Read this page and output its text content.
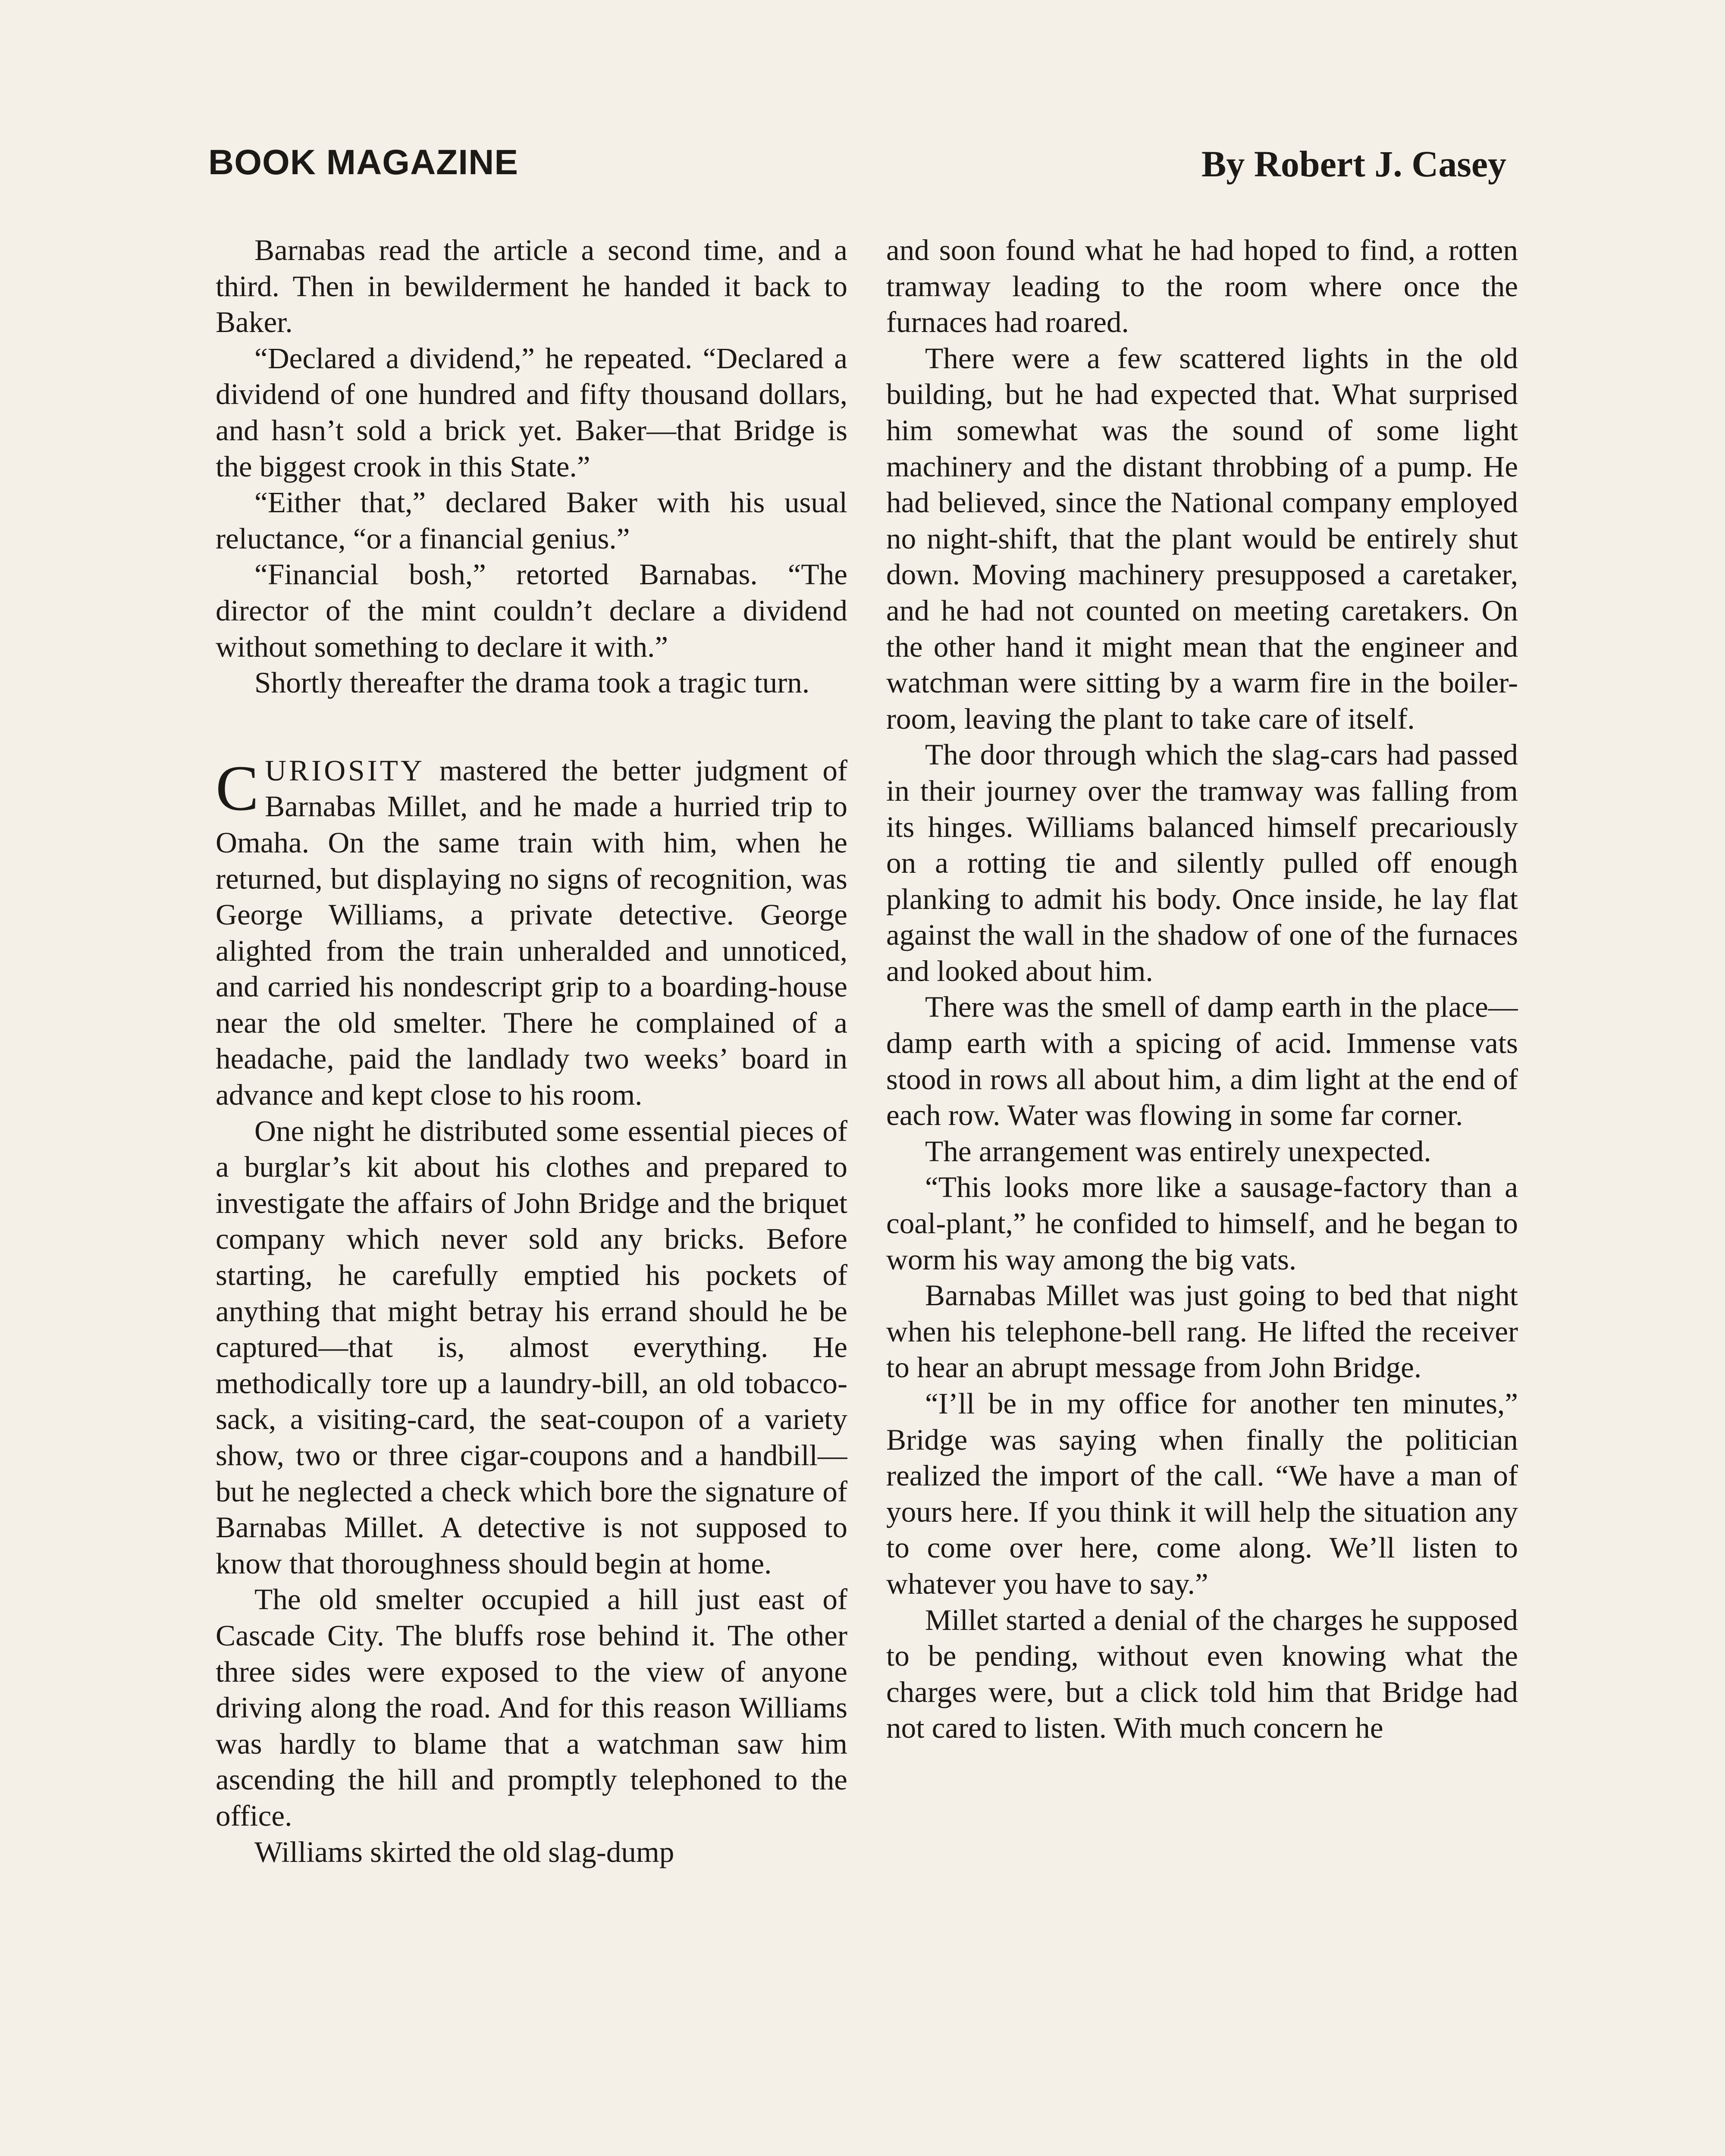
BOOK MAGAZINE	By Robert J. Casey

Barnabas read the article a second time, and a third. Then in bewilderment he handed it back to Baker.

“Declared a dividend,” he repeated. “Declared a dividend of one hundred and fifty thousand dollars, and hasn’t sold a brick yet. Baker—that Bridge is the biggest crook in this State.”

“Either that,” declared Baker with his usual reluctance, “or a financial genius.”

“Financial bosh,” retorted Barnabas. “The director of the mint couldn’t declare a dividend without something to declare it with.”

Shortly thereafter the drama took a tragic turn.

CURIOSITY mastered the better judgment of Barnabas Millet, and he made a hurried trip to Omaha. On the same train with him, when he returned, but displaying no signs of recognition, was George Williams, a private detective. George alighted from the train unheralded and unnoticed, and carried his nondescript grip to a boarding-house near the old smelter. There he complained of a headache, paid the landlady two weeks’ board in advance and kept close to his room.

One night he distributed some essential pieces of a burglar’s kit about his clothes and prepared to investigate the affairs of John Bridge and the briquet company which never sold any bricks. Before starting, he carefully emptied his pockets of anything that might betray his errand should he be captured—that is, almost everything. He methodically tore up a laundry-bill, an old tobacco-sack, a visiting-card, the seat-coupon of a variety show, two or three cigar-coupons and a handbill—but he neglected a check which bore the signature of Barnabas Millet. A detective is not supposed to know that thoroughness should begin at home.

The old smelter occupied a hill just east of Cascade City. The bluffs rose behind it. The other three sides were exposed to the view of anyone driving along the road. And for this reason Williams was hardly to blame that a watchman saw him ascending the hill and promptly telephoned to the office.

Williams skirted the old slag-dump

and soon found what he had hoped to find, a rotten tramway leading to the room where once the furnaces had roared.

There were a few scattered lights in the old building, but he had expected that. What surprised him somewhat was the sound of some light machinery and the distant throbbing of a pump. He had believed, since the National company employed no night-shift, that the plant would be entirely shut down. Moving machinery presupposed a caretaker, and he had not counted on meeting caretakers. On the other hand it might mean that the engineer and watchman were sitting by a warm fire in the boiler-room, leaving the plant to take care of itself.

The door through which the slag-cars had passed in their journey over the tramway was falling from its hinges. Williams balanced himself precariously on a rotting tie and silently pulled off enough planking to admit his body. Once inside, he lay flat against the wall in the shadow of one of the furnaces and looked about him.

There was the smell of damp earth in the place—damp earth with a spicing of acid. Immense vats stood in rows all about him, a dim light at the end of each row. Water was flowing in some far corner.

The arrangement was entirely unexpected.

“This looks more like a sausage-factory than a coal-plant,” he confided to himself, and he began to worm his way among the big vats.

Barnabas Millet was just going to bed that night when his telephone-bell rang. He lifted the receiver to hear an abrupt message from John Bridge.

“I’ll be in my office for another ten minutes,” Bridge was saying when finally the politician realized the import of the call. “We have a man of yours here. If you think it will help the situation any to come over here, come along. We’ll listen to whatever you have to say.”

Millet started a denial of the charges he supposed to be pending, without even knowing what the charges were, but a click told him that Bridge had not cared to listen. With much concern he
